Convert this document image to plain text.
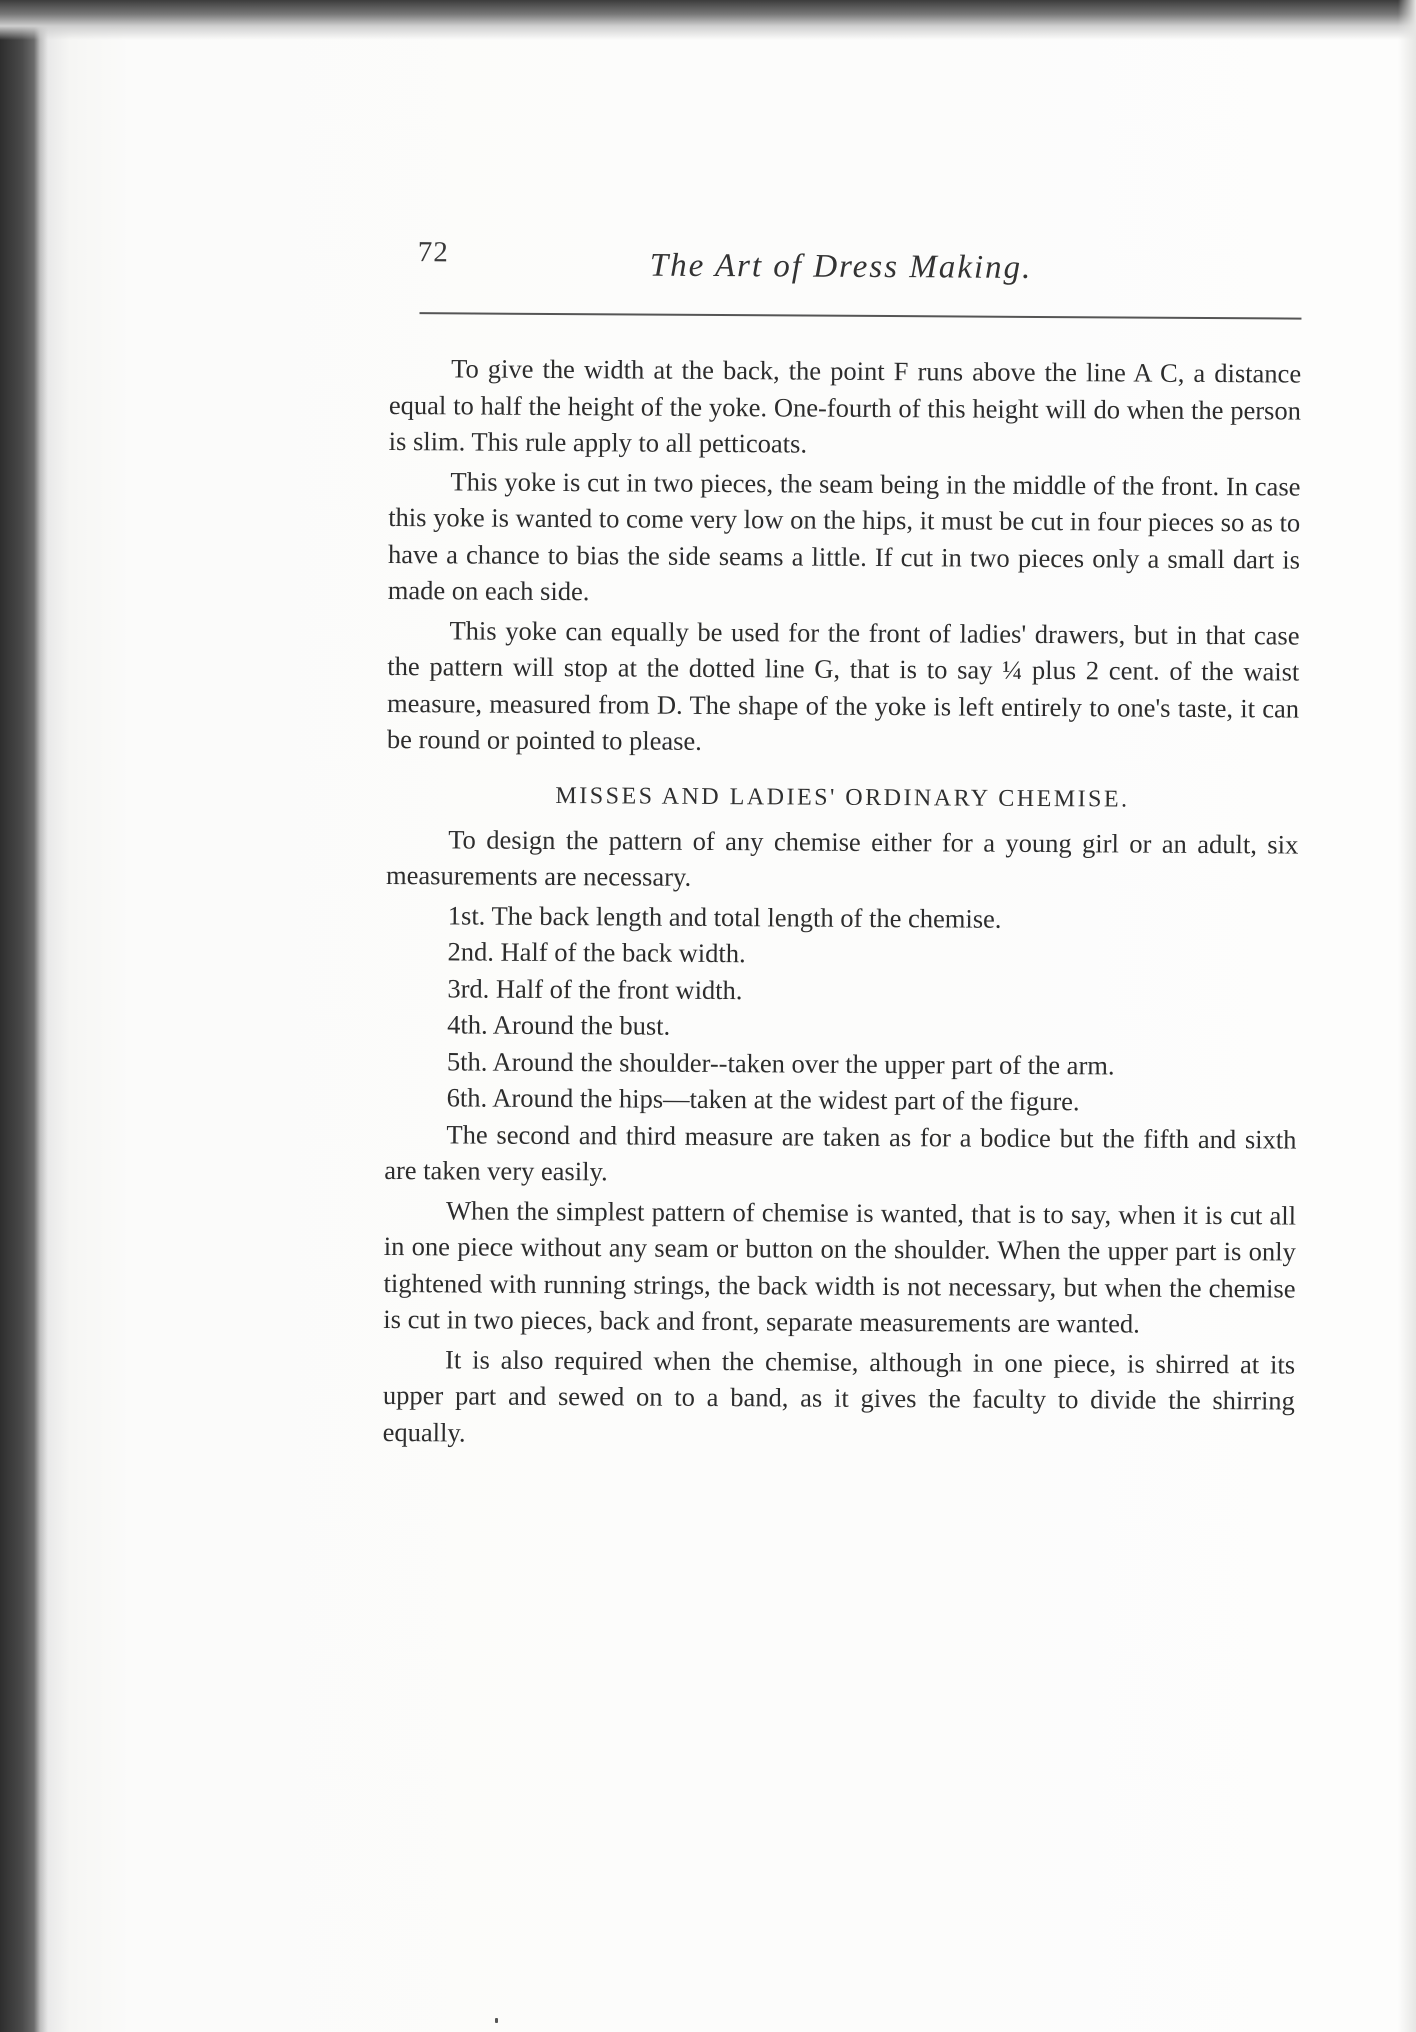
72	The Art of Dress Making.

To give the width at the back, the point F runs above the line A C, a distance equal to half the height of the yoke. One-fourth of this height will do when the person is slim. This rule apply to all petticoats.

This yoke is cut in two pieces, the seam being in the middle of the front. In case this yoke is wanted to come very low on the hips, it must be cut in four pieces so as to have a chance to bias the side seams a little. If cut in two pieces only a small dart is made on each side.

This yoke can equally be used for the front of ladies' drawers, but in that case the pattern will stop at the dotted line G, that is to say ¼ plus 2 cent. of the waist measure, measured from D. The shape of the yoke is left entirely to one's taste, it can be round or pointed to please.

MISSES AND LADIES' ORDINARY CHEMISE.

To design the pattern of any chemise either for a young girl or an adult, six measurements are necessary.

1st. The back length and total length of the chemise.
2nd. Half of the back width.
3rd. Half of the front width.
4th. Around the bust.
5th. Around the shoulder--taken over the upper part of the arm.
6th. Around the hips—taken at the widest part of the figure.

The second and third measure are taken as for a bodice but the fifth and sixth are taken very easily.

When the simplest pattern of chemise is wanted, that is to say, when it is cut all in one piece without any seam or button on the shoulder. When the upper part is only tightened with running strings, the back width is not necessary, but when the chemise is cut in two pieces, back and front, separate measurements are wanted.

It is also required when the chemise, although in one piece, is shirred at its upper part and sewed on to a band, as it gives the faculty to divide the shirring equally.
